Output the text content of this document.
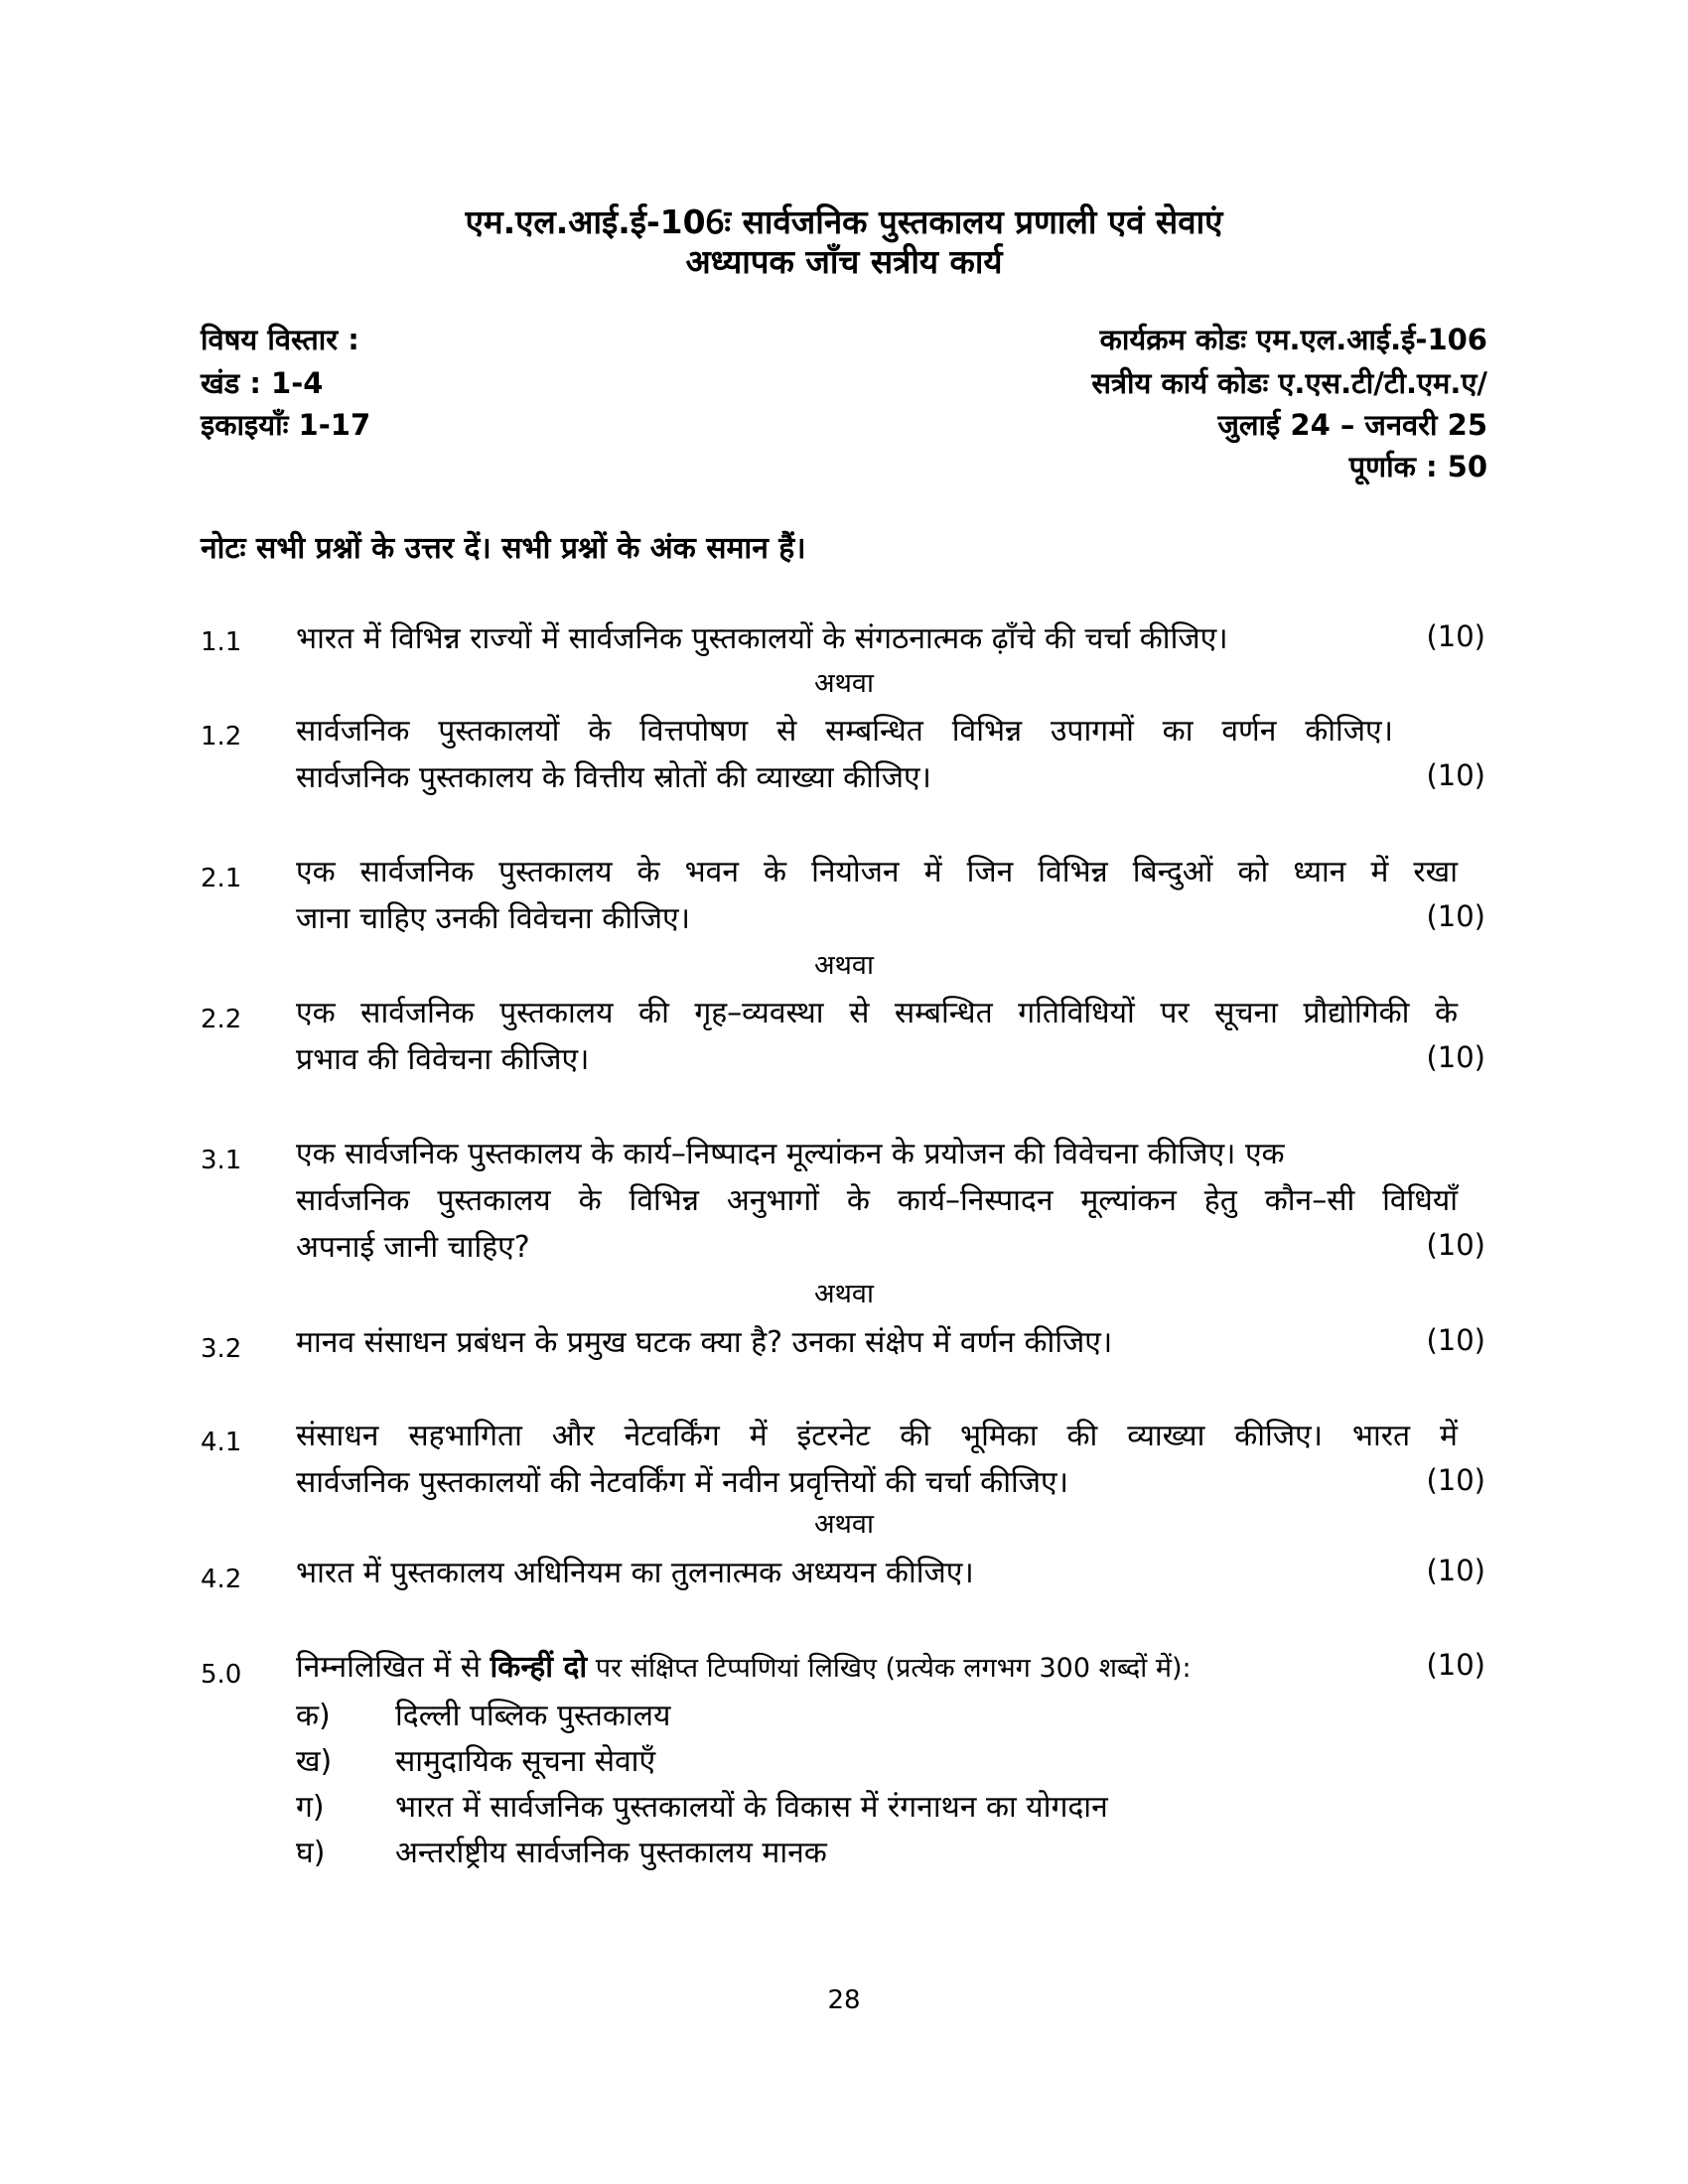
एम.एल.आई.ई-106ः सार्वजनिक पुस्तकालय प्रणाली एवं सेवाएं
अध्यापक जाँच सत्रीय कार्य
विषय विस्तार :
खंड : 1-4
इकाइयाँः 1-17
कार्यक्रम कोडः एम.एल.आई.ई-106
सत्रीय कार्य कोडः ए.एस.टी/टी.एम.ए/
जुलाई 24 – जनवरी 25
पूर्णाक : 50
नोटः सभी प्रश्नों के उत्तर दें। सभी प्रश्नों के अंक समान हैं।
1.1 भारत में विभिन्न राज्यों में सार्वजनिक पुस्तकालयों के संगठनात्मक ढ़ाँचे की चर्चा कीजिए।	(10)
अथवा
1.2 सार्वजनिक पुस्तकालयों के वित्तपोषण से सम्बन्धित विभिन्न उपागमों का वर्णन कीजिए।
सार्वजनिक पुस्तकालय के वित्तीय स्रोतों की व्याख्या कीजिए।	(10)
2.1 एक सार्वजनिक पुस्तकालय के भवन के नियोजन में जिन विभिन्न बिन्दुओं को ध्यान में रखा
जाना चाहिए उनकी विवेचना कीजिए।	(10)
अथवा
2.2 एक सार्वजनिक पुस्तकालय की गृह–व्यवस्था से सम्बन्धित गतिविधियों पर सूचना प्रौद्योगिकी के
प्रभाव की विवेचना कीजिए।	(10)
3.1 एक सार्वजनिक पुस्तकालय के कार्य–निष्पादन मूल्यांकन के प्रयोजन की विवेचना कीजिए। एक
सार्वजनिक पुस्तकालय के विभिन्न अनुभागों के कार्य–निस्पादन मूल्यांकन हेतु कौन–सी विधियाँ
अपनाई जानी चाहिए?	(10)
अथवा
3.2 मानव संसाधन प्रबंधन के प्रमुख घटक क्या है? उनका संक्षेप में वर्णन कीजिए।	(10)
4.1 संसाधन सहभागिता और नेटवर्किंग में इंटरनेट की भूमिका की व्याख्या कीजिए। भारत में
सार्वजनिक पुस्तकालयों की नेटवर्किंग में नवीन प्रवृत्तियों की चर्चा कीजिए।	(10)
अथवा
4.2 भारत में पुस्तकालय अधिनियम का तुलनात्मक अध्ययन कीजिए।	(10)
5.0 निम्नलिखित में से किन्हीं दो पर संक्षिप्त टिप्पणियां लिखिए (प्रत्येक लगभग 300 शब्दों में):	(10)
क) दिल्ली पब्लिक पुस्तकालय
ख) सामुदायिक सूचना सेवाएँ
ग) भारत में सार्वजनिक पुस्तकालयों के विकास में रंगनाथन का योगदान
घ) अन्तर्राष्ट्रीय सार्वजनिक पुस्तकालय मानक
28
